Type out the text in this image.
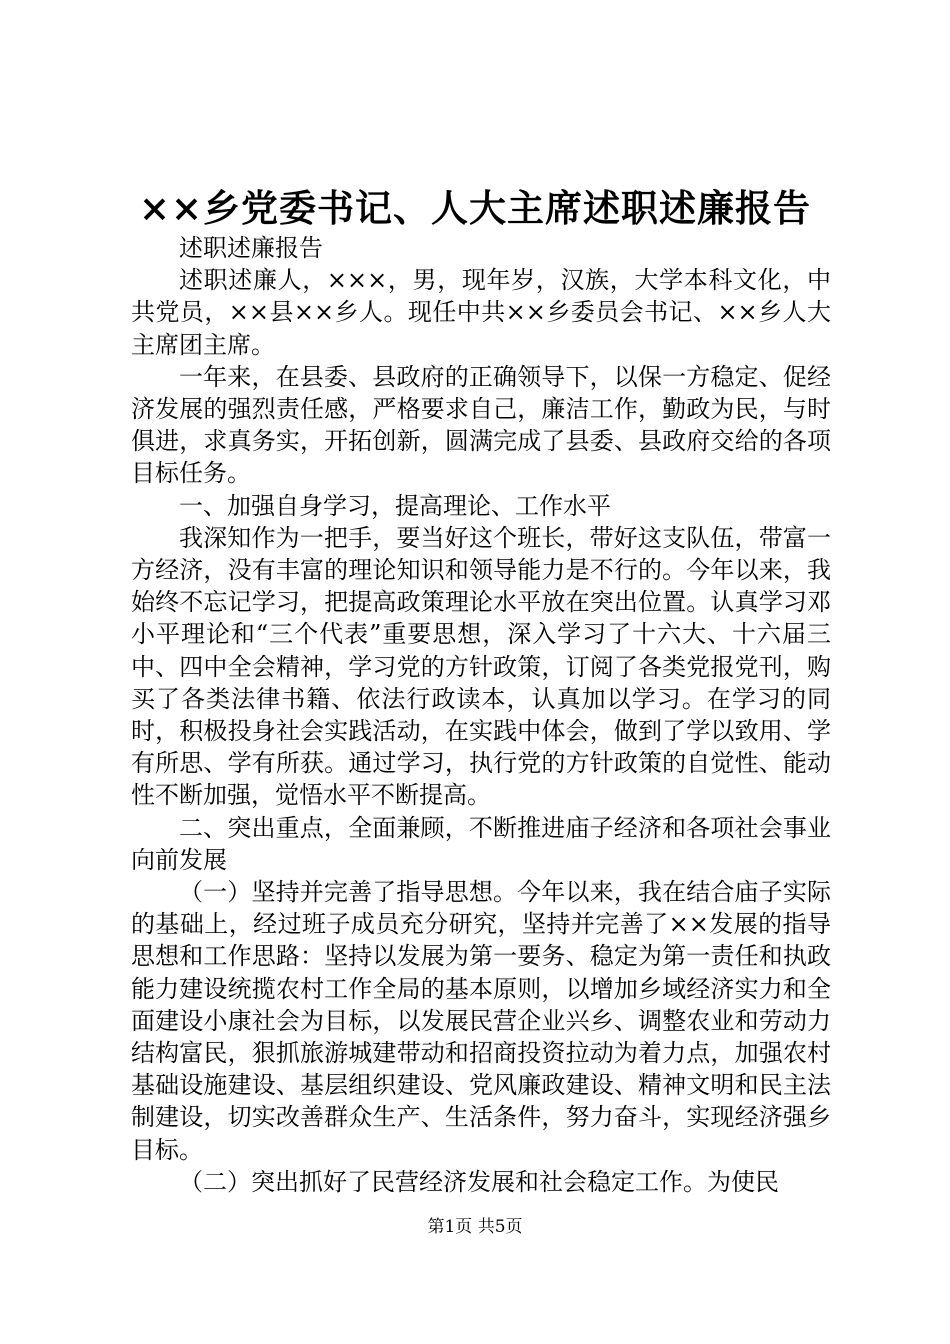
××乡党委书记、人大主席述职述廉报告

述职述廉报告

述职述廉人，×××，男，现年岁，汉族，大学本科文化，中共党员，××县××乡人。现任中共××乡委员会书记、××乡人大主席团主席。

一年来，在县委、县政府的正确领导下，以保一方稳定、促经济发展的强烈责任感，严格要求自己，廉洁工作，勤政为民，与时俱进，求真务实，开拓创新，圆满完成了县委、县政府交给的各项目标任务。

一、加强自身学习，提高理论、工作水平

我深知作为一把手，要当好这个班长，带好这支队伍，带富一方经济，没有丰富的理论知识和领导能力是不行的。今年以来，我始终不忘记学习，把提高政策理论水平放在突出位置。认真学习邓小平理论和“三个代表”重要思想，深入学习了十六大、十六届三中、四中全会精神，学习党的方针政策，订阅了各类党报党刊，购买了各类法律书籍、依法行政读本，认真加以学习。在学习的同时，积极投身社会实践活动，在实践中体会，做到了学以致用、学有所思、学有所获。通过学习，执行党的方针政策的自觉性、能动性不断加强，觉悟水平不断提高。

二、突出重点，全面兼顾，不断推进庙子经济和各项社会事业向前发展

（一）坚持并完善了指导思想。今年以来，我在结合庙子实际的基础上，经过班子成员充分研究，坚持并完善了××发展的指导思想和工作思路：坚持以发展为第一要务、稳定为第一责任和执政能力建设统揽农村工作全局的基本原则，以增加乡域经济实力和全面建设小康社会为目标，以发展民营企业兴乡、调整农业和劳动力结构富民，狠抓旅游城建带动和招商投资拉动为着力点，加强农村基础设施建设、基层组织建设、党风廉政建设、精神文明和民主法制建设，切实改善群众生产、生活条件，努力奋斗，实现经济强乡目标。

（二）突出抓好了民营经济发展和社会稳定工作。为使民

第1页 共5页
